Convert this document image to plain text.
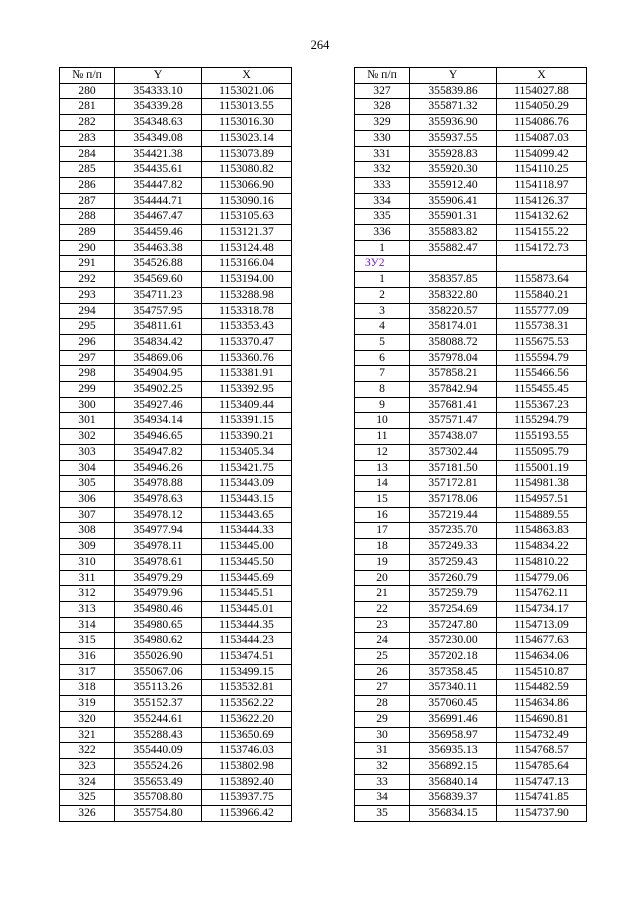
264
№ п/п	Y	X
280	354333.10	1153021.06
281	354339.28	1153013.55
282	354348.63	1153016.30
283	354349.08	1153023.14
284	354421.38	1153073.89
285	354435.61	1153080.82
286	354447.82	1153066.90
287	354444.71	1153090.16
288	354467.47	1153105.63
289	354459.46	1153121.37
290	354463.38	1153124.48
291	354526.88	1153166.04
292	354569.60	1153194.00
293	354711.23	1153288.98
294	354757.95	1153318.78
295	354811.61	1153353.43
296	354834.42	1153370.47
297	354869.06	1153360.76
298	354904.95	1153381.91
299	354902.25	1153392.95
300	354927.46	1153409.44
301	354934.14	1153391.15
302	354946.65	1153390.21
303	354947.82	1153405.34
304	354946.26	1153421.75
305	354978.88	1153443.09
306	354978.63	1153443.15
307	354978.12	1153443.65
308	354977.94	1153444.33
309	354978.11	1153445.00
310	354978.61	1153445.50
311	354979.29	1153445.69
312	354979.96	1153445.51
313	354980.46	1153445.01
314	354980.65	1153444.35
315	354980.62	1153444.23
316	355026.90	1153474.51
317	355067.06	1153499.15
318	355113.26	1153532.81
319	355152.37	1153562.22
320	355244.61	1153622.20
321	355288.43	1153650.69
322	355440.09	1153746.03
323	355524.26	1153802.98
324	355653.49	1153892.40
325	355708.80	1153937.75
326	355754.80	1153966.42
№ п/п	Y	X
327	355839.86	1154027.88
328	355871.32	1154050.29
329	355936.90	1154086.76
330	355937.55	1154087.03
331	355928.83	1154099.42
332	355920.30	1154110.25
333	355912.40	1154118.97
334	355906.41	1154126.37
335	355901.31	1154132.62
336	355883.82	1154155.22
1	355882.47	1154172.73
ЗУ2		
1	358357.85	1155873.64
2	358322.80	1155840.21
3	358220.57	1155777.09
4	358174.01	1155738.31
5	358088.72	1155675.53
6	357978.04	1155594.79
7	357858.21	1155466.56
8	357842.94	1155455.45
9	357681.41	1155367.23
10	357571.47	1155294.79
11	357438.07	1155193.55
12	357302.44	1155095.79
13	357181.50	1155001.19
14	357172.81	1154981.38
15	357178.06	1154957.51
16	357219.44	1154889.55
17	357235.70	1154863.83
18	357249.33	1154834.22
19	357259.43	1154810.22
20	357260.79	1154779.06
21	357259.79	1154762.11
22	357254.69	1154734.17
23	357247.80	1154713.09
24	357230.00	1154677.63
25	357202.18	1154634.06
26	357358.45	1154510.87
27	357340.11	1154482.59
28	357060.45	1154634.86
29	356991.46	1154690.81
30	356958.97	1154732.49
31	356935.13	1154768.57
32	356892.15	1154785.64
33	356840.14	1154747.13
34	356839.37	1154741.85
35	356834.15	1154737.90
